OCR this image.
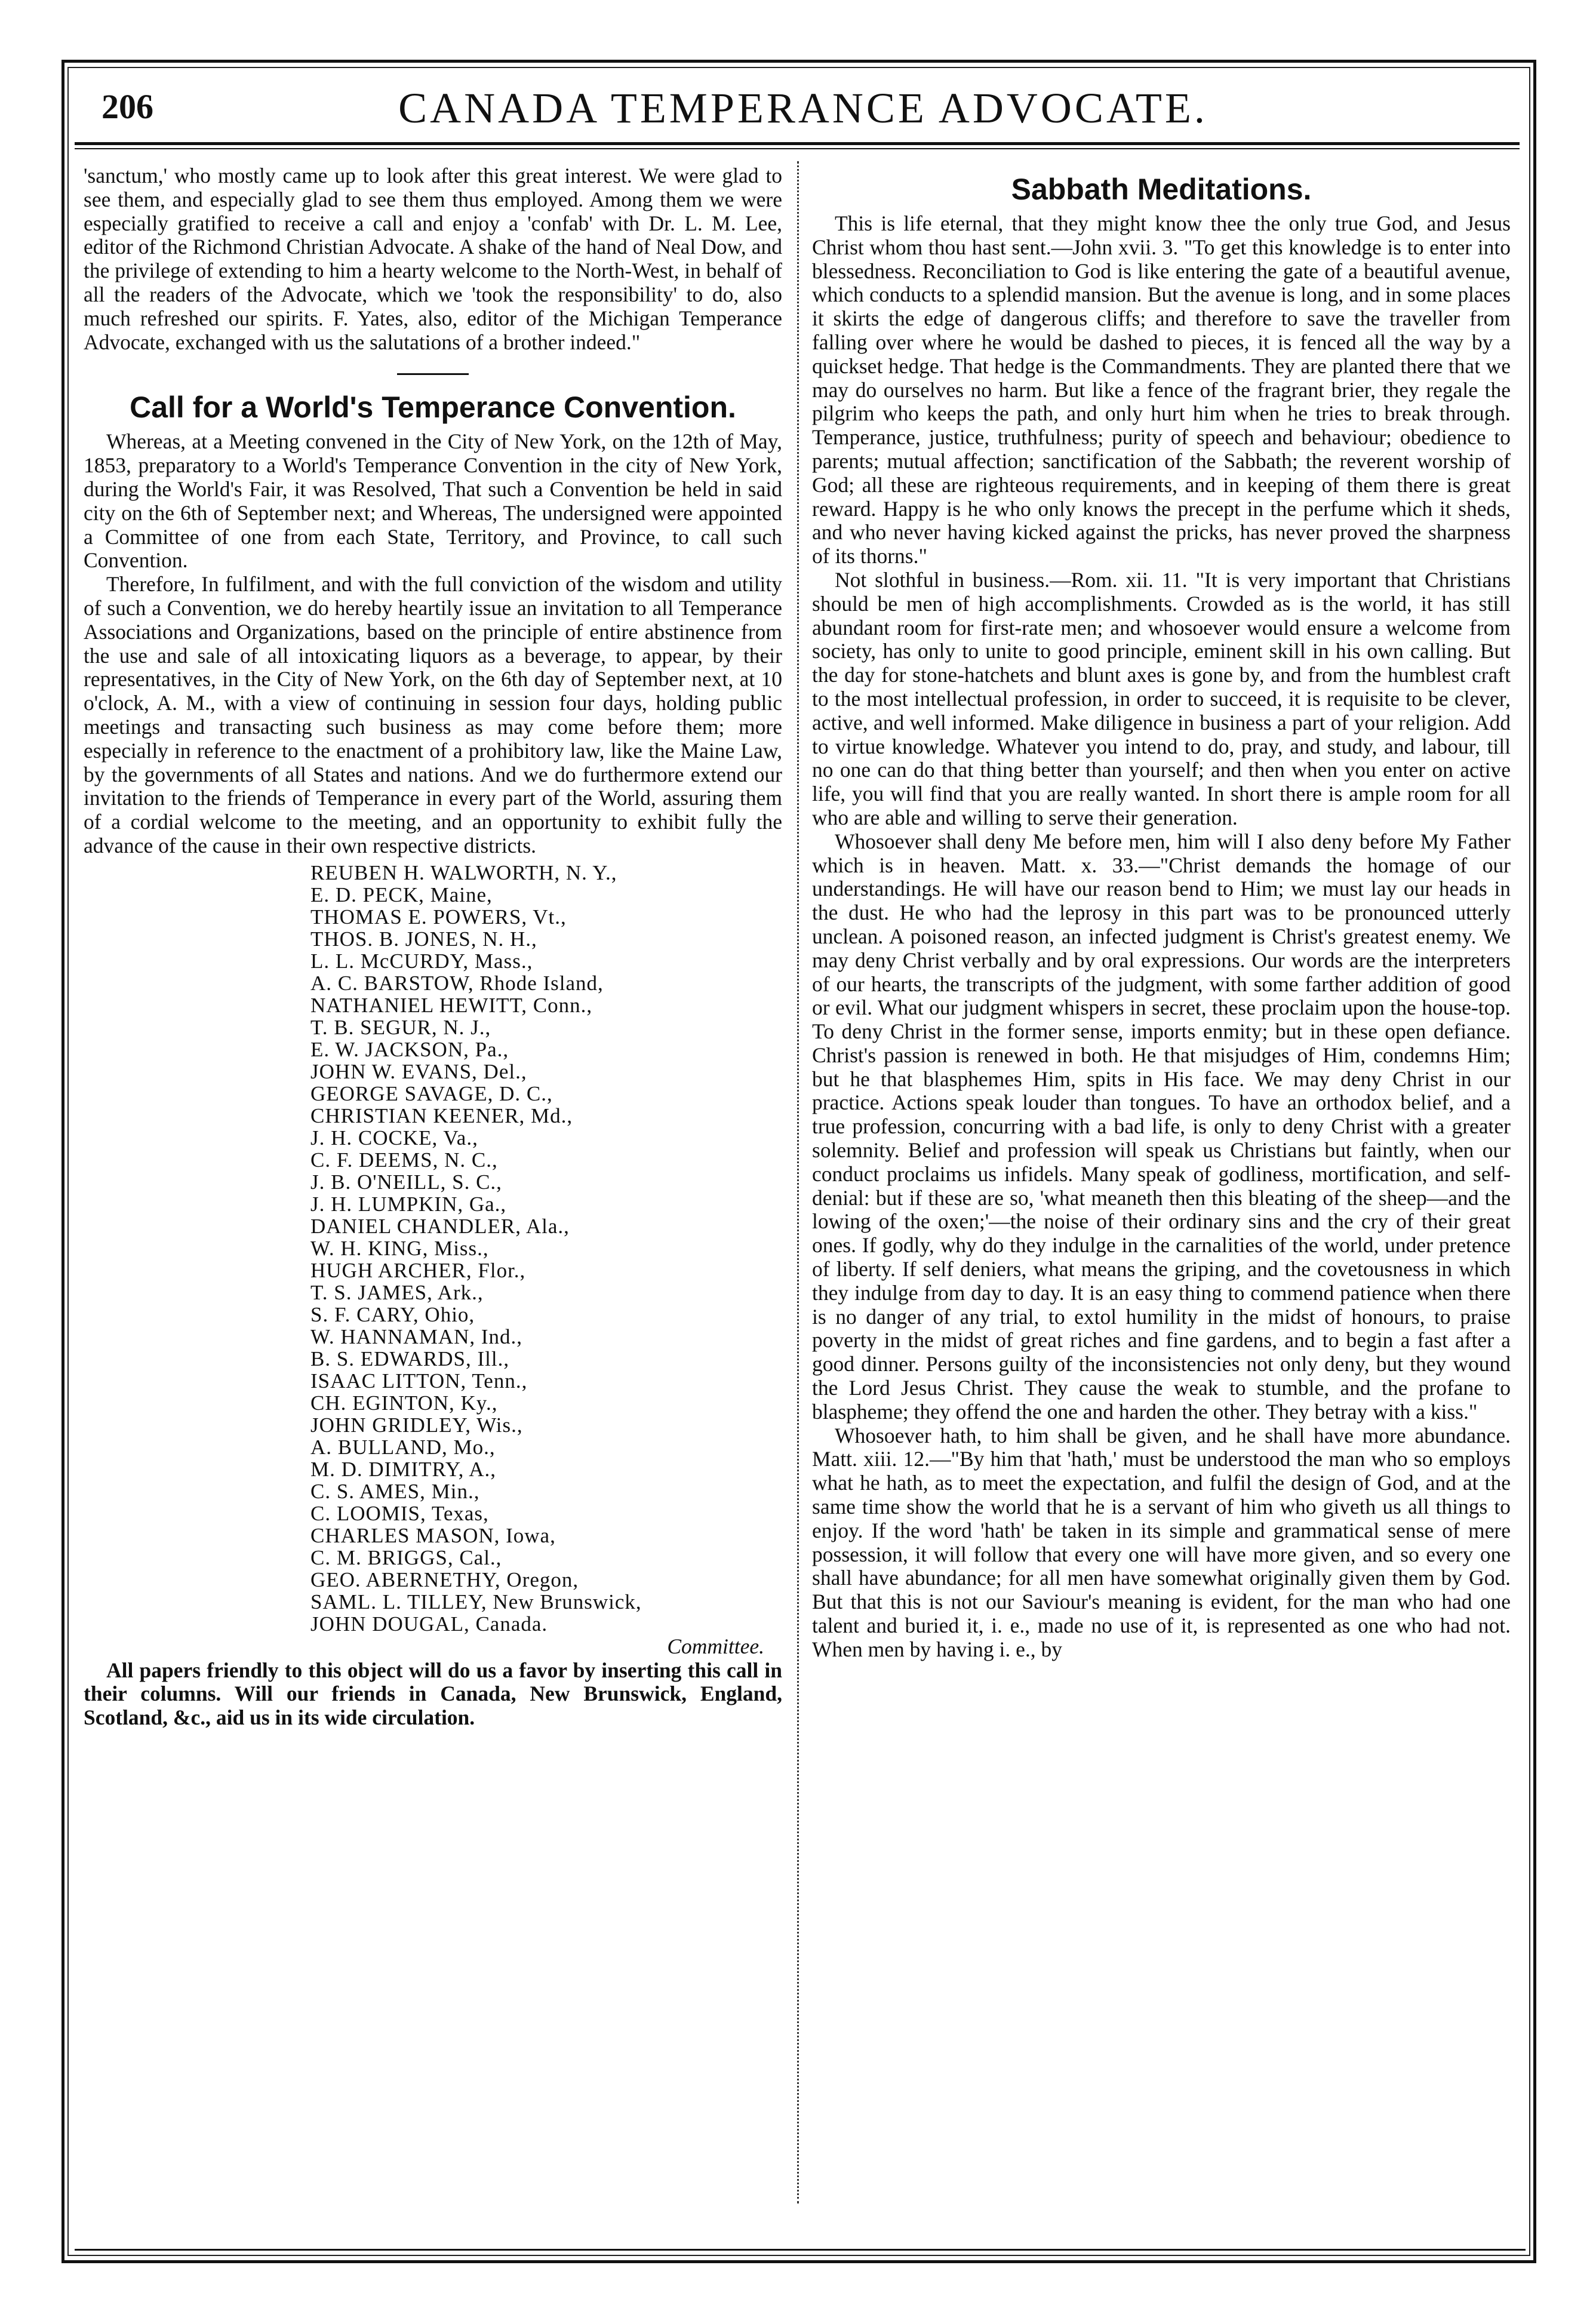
206	CANADA TEMPERANCE ADVOCATE.

'sanctum,' who mostly came up to look after this great interest. We were glad to see them, and especially glad to see them thus employed. Among them we were especially gratified to receive a call and enjoy a 'confab' with Dr. L. M. Lee, editor of the Richmond Christian Advocate. A shake of the hand of Neal Dow, and the privilege of extending to him a hearty welcome to the North-West, in behalf of all the readers of the Advocate, which we 'took the responsibility' to do, also much refreshed our spirits. F. Yates, also, editor of the Michigan Temperance Advocate, exchanged with us the salutations of a brother indeed."

Call for a World's Temperance Convention.

Whereas, at a Meeting convened in the City of New York, on the 12th of May, 1853, preparatory to a World's Temperance Convention in the city of New York, during the World's Fair, it was Resolved, That such a Convention be held in said city on the 6th of September next; and Whereas, The undersigned were appointed a Committee of one from each State, Territory, and Province, to call such Convention.

Therefore, In fulfilment, and with the full conviction of the wisdom and utility of such a Convention, we do hereby heartily issue an invitation to all Temperance Associations and Organizations, based on the principle of entire abstinence from the use and sale of all intoxicating liquors as a beverage, to appear, by their representatives, in the City of New York, on the 6th day of September next, at 10 o'clock, A. M., with a view of continuing in session four days, holding public meetings and transacting such business as may come before them; more especially in reference to the enactment of a prohibitory law, like the Maine Law, by the governments of all States and nations. And we do furthermore extend our invitation to the friends of Temperance in every part of the World, assuring them of a cordial welcome to the meeting, and an opportunity to exhibit fully the advance of the cause in their own respective districts.

REUBEN H. WALWORTH, N. Y.,
E. D. PECK, Maine,
THOMAS E. POWERS, Vt.,
THOS. B. JONES, N. H.,
L. L. McCURDY, Mass.,
A. C. BARSTOW, Rhode Island,
NATHANIEL HEWITT, Conn.,
T. B. SEGUR, N. J.,
E. W. JACKSON, Pa.,
JOHN W. EVANS, Del.,
GEORGE SAVAGE, D. C.,
CHRISTIAN KEENER, Md.,
J. H. COCKE, Va.,
C. F. DEEMS, N. C.,
J. B. O'NEILL, S. C.,
J. H. LUMPKIN, Ga.,
DANIEL CHANDLER, Ala.,
W. H. KING, Miss.,
HUGH ARCHER, Flor.,
T. S. JAMES, Ark.,
S. F. CARY, Ohio,
W. HANNAMAN, Ind.,
B. S. EDWARDS, Ill.,
ISAAC LITTON, Tenn.,
CH. EGINTON, Ky.,
JOHN GRIDLEY, Wis.,
A. BULLAND, Mo.,
M. D. DIMITRY, A.,
C. S. AMES, Min.,
C. LOOMIS, Texas,
CHARLES MASON, Iowa,
C. M. BRIGGS, Cal.,
GEO. ABERNETHY, Oregon,
SAML. L. TILLEY, New Brunswick,
JOHN DOUGAL, Canada.
Committee.

All papers friendly to this object will do us a favor by inserting this call in their columns. Will our friends in Canada, New Brunswick, England, Scotland, &c., aid us in its wide circulation.

Sabbath Meditations.

This is life eternal, that they might know thee the only true God, and Jesus Christ whom thou hast sent.—John xvii. 3. "To get this knowledge is to enter into blessedness. Reconciliation to God is like entering the gate of a beautiful avenue, which conducts to a splendid mansion. But the avenue is long, and in some places it skirts the edge of dangerous cliffs; and therefore to save the traveller from falling over where he would be dashed to pieces, it is fenced all the way by a quickset hedge. That hedge is the Commandments. They are planted there that we may do ourselves no harm. But like a fence of the fragrant brier, they regale the pilgrim who keeps the path, and only hurt him when he tries to break through. Temperance, justice, truthfulness; purity of speech and behaviour; obedience to parents; mutual affection; sanctification of the Sabbath; the reverent worship of God; all these are righteous requirements, and in keeping of them there is great reward. Happy is he who only knows the precept in the perfume which it sheds, and who never having kicked against the pricks, has never proved the sharpness of its thorns."

Not slothful in business.—Rom. xii. 11. "It is very important that Christians should be men of high accomplishments. Crowded as is the world, it has still abundant room for first-rate men; and whosoever would ensure a welcome from society, has only to unite to good principle, eminent skill in his own calling. But the day for stone-hatchets and blunt axes is gone by, and from the humblest craft to the most intellectual profession, in order to succeed, it is requisite to be clever, active, and well informed. Make diligence in business a part of your religion. Add to virtue knowledge. Whatever you intend to do, pray, and study, and labour, till no one can do that thing better than yourself; and then when you enter on active life, you will find that you are really wanted. In short there is ample room for all who are able and willing to serve their generation.

Whosoever shall deny Me before men, him will I also deny before My Father which is in heaven. Matt. x. 33.—"Christ demands the homage of our understandings. He will have our reason bend to Him; we must lay our heads in the dust. He who had the leprosy in this part was to be pronounced utterly unclean. A poisoned reason, an infected judgment is Christ's greatest enemy. We may deny Christ verbally and by oral expressions. Our words are the interpreters of our hearts, the transcripts of the judgment, with some farther addition of good or evil. What our judgment whispers in secret, these proclaim upon the house-top. To deny Christ in the former sense, imports enmity; but in these open defiance. Christ's passion is renewed in both. He that misjudges of Him, condemns Him; but he that blasphemes Him, spits in His face. We may deny Christ in our practice. Actions speak louder than tongues. To have an orthodox belief, and a true profession, concurring with a bad life, is only to deny Christ with a greater solemnity. Belief and profession will speak us Christians but faintly, when our conduct proclaims us infidels. Many speak of godliness, mortification, and self-denial: but if these are so, 'what meaneth then this bleating of the sheep—and the lowing of the oxen;'—the noise of their ordinary sins and the cry of their great ones. If godly, why do they indulge in the carnalities of the world, under pretence of liberty. If self deniers, what means the griping, and the covetousness in which they indulge from day to day. It is an easy thing to commend patience when there is no danger of any trial, to extol humility in the midst of honours, to praise poverty in the midst of great riches and fine gardens, and to begin a fast after a good dinner. Persons guilty of the inconsistencies not only deny, but they wound the Lord Jesus Christ. They cause the weak to stumble, and the profane to blaspheme; they offend the one and harden the other. They betray with a kiss."

Whosoever hath, to him shall be given, and he shall have more abundance. Matt. xiii. 12.—"By him that 'hath,' must be understood the man who so employs what he hath, as to meet the expectation, and fulfil the design of God, and at the same time show the world that he is a servant of him who giveth us all things to enjoy. If the word 'hath' be taken in its simple and grammatical sense of mere possession, it will follow that every one will have more given, and so every one shall have abundance; for all men have somewhat originally given them by God. But that this is not our Saviour's meaning is evident, for the man who had one talent and buried it, i. e., made no use of it, is represented as one who had not. When men by having i. e., by
